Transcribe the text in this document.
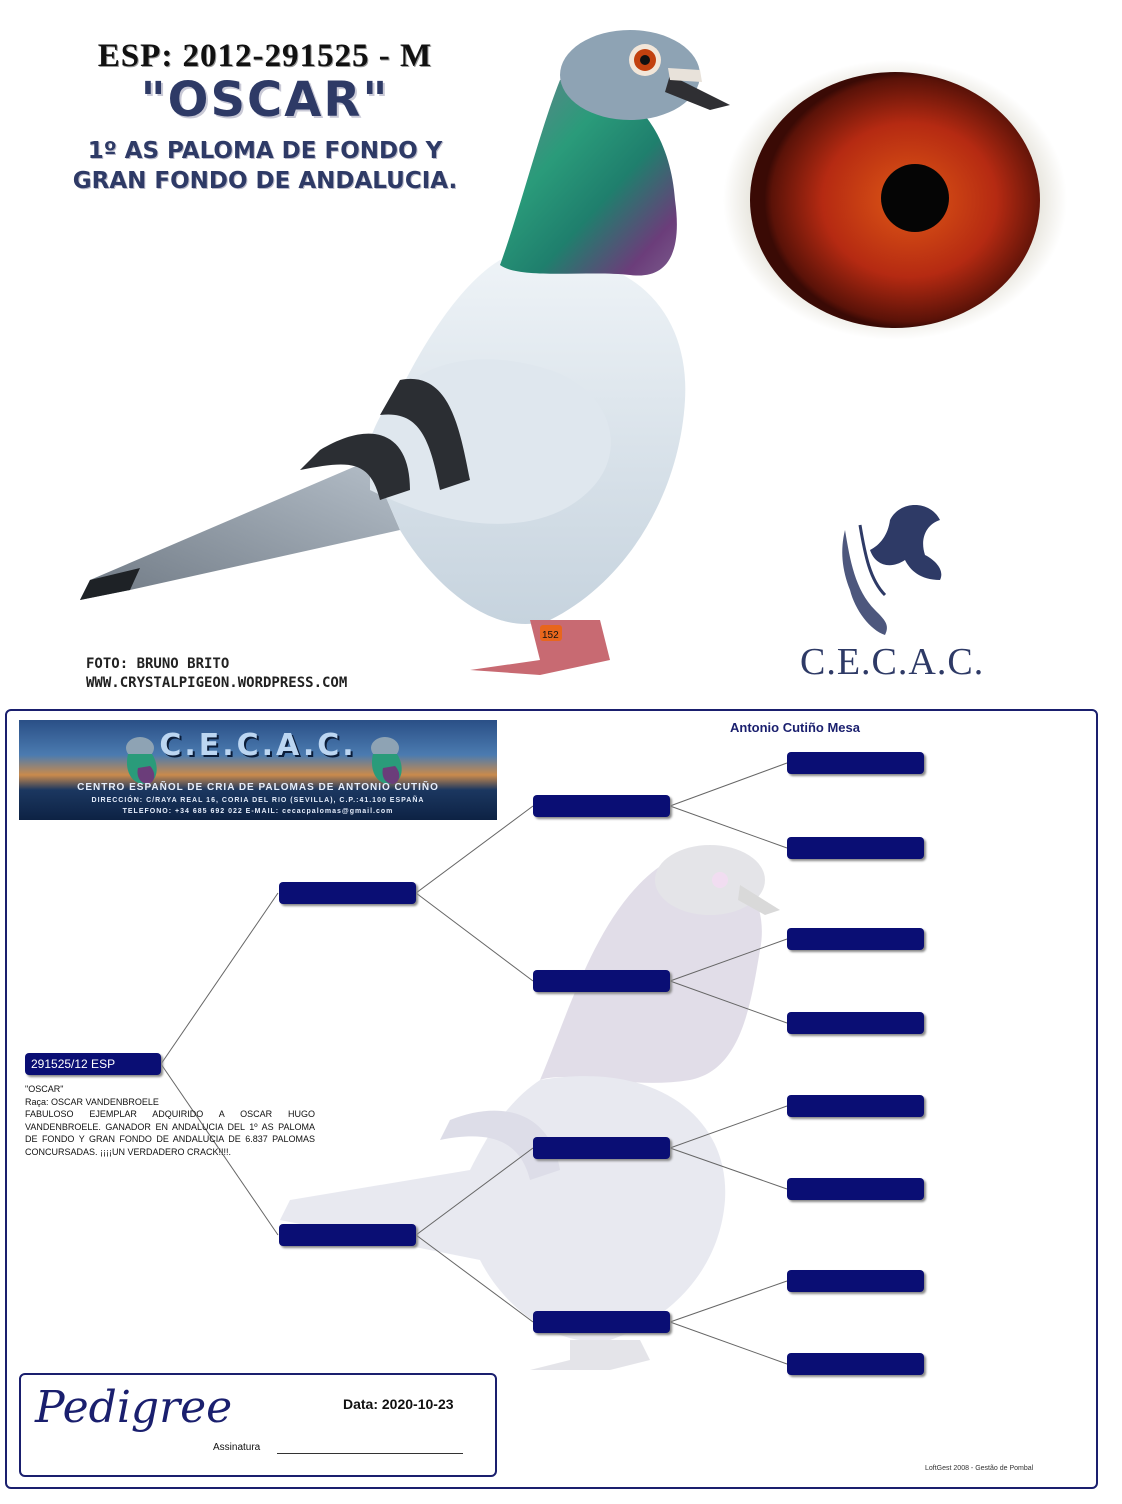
ESP: 2012-291525 - M
"OSCAR"
1º AS PALOMA DE FONDO Y
GRAN FONDO DE ANDALUCIA.
152
FOTO: BRUNO BRITO
WWW.CRYSTALPIGEON.WORDPRESS.COM	C.E.C.A.C.
Antonio Cutiño Mesa
C.E.C.A.C.
CENTRO ESPAÑOL DE CRIA DE PALOMAS DE ANTONIO CUTIÑO
DIRECCIÓN: C/RAYA REAL 16, CORIA DEL RIO (SEVILLA), C.P.:41.100 ESPAÑA
TELEFONO: +34 685 692 022 E-MAIL: cecacpalomas@gmail.com
291525/12 ESP
"OSCAR"
Raça: OSCAR VANDENBROELE
FABULOSO EJEMPLAR ADQUIRIDO A OSCAR HUGO VANDENBROELE. GANADOR EN ANDALUCIA DEL 1º AS PALOMA DE FONDO Y GRAN FONDO DE ANDALUCIA DE 6.837 PALOMAS CONCURSADAS. ¡¡¡¡UN VERDADERO CRACK!!!!.
Pedigree	Data: 2020-10-23
Assinatura
LoftGest 2008 - Gestão de Pombal
